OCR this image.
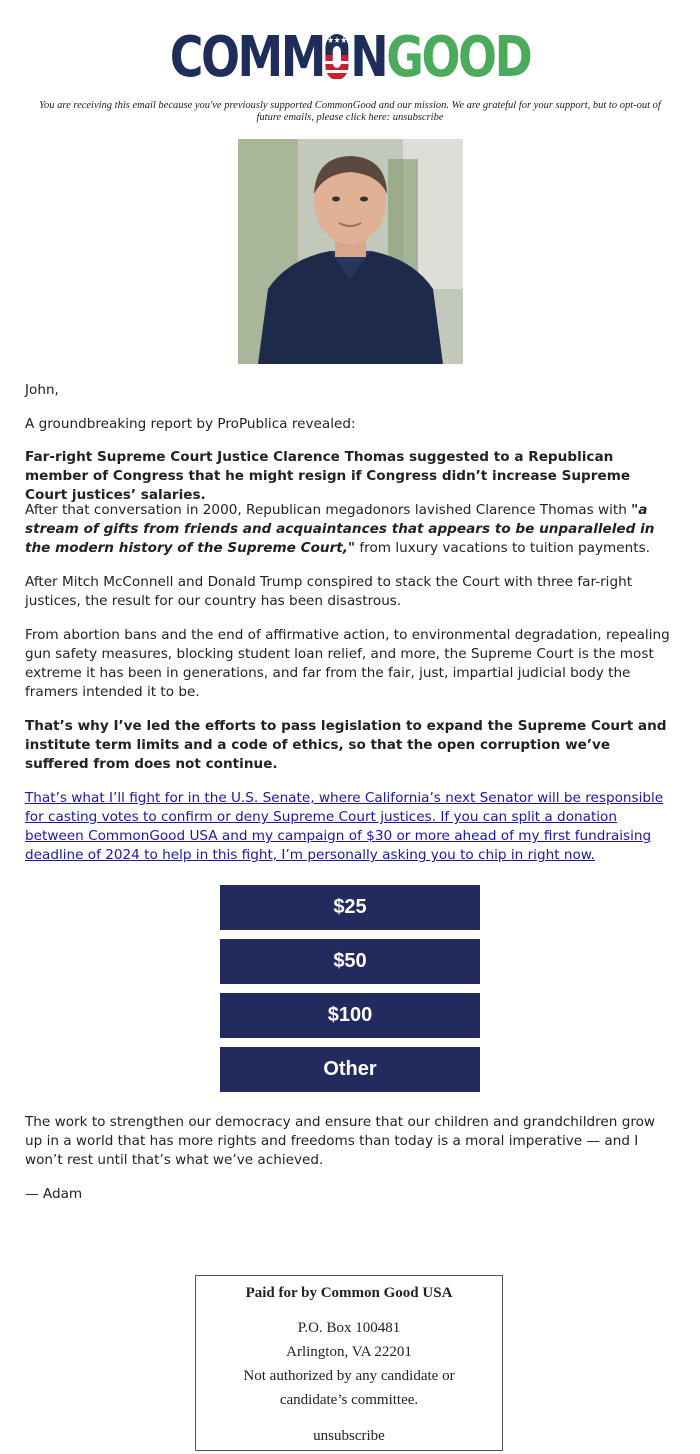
COMM ★★★ NGOOD
You are receiving this email because you've previously supported CommonGood and our mission. We are grateful for your support, but to opt-out of future emails, please click here: unsubscribe
John,
A groundbreaking report by ProPublica revealed:
Far-right Supreme Court Justice Clarence Thomas suggested to a Republican member of Congress that he might resign if Congress didn’t increase Supreme Court justices’ salaries.
After that conversation in 2000, Republican megadonors lavished Clarence Thomas with "a stream of gifts from friends and acquaintances that appears to be unparalleled in the modern history of the Supreme Court," from luxury vacations to tuition payments.
After Mitch McConnell and Donald Trump conspired to stack the Court with three far-right justices, the result for our country has been disastrous.
From abortion bans and the end of affirmative action, to environmental degradation, repealing gun safety measures, blocking student loan relief, and more, the Supreme Court is the most extreme it has been in generations, and far from the fair, just, impartial judicial body the framers intended it to be.
That’s why I’ve led the efforts to pass legislation to expand the Supreme Court and institute term limits and a code of ethics, so that the open corruption we’ve suffered from does not continue.
That’s what I’ll fight for in the U.S. Senate, where California’s next Senator will be responsible for casting votes to confirm or deny Supreme Court justices. If you can split a donation between CommonGood USA and my campaign of $30 or more ahead of my first fundraising deadline of 2024 to help in this fight, I’m personally asking you to chip in right now.
$25
$50
$100
Other
The work to strengthen our democracy and ensure that our children and grandchildren grow up in a world that has more rights and freedoms than today is a moral imperative — and I won’t rest until that’s what we’ve achieved.
— Adam
Paid for by Common Good USA
P.O. Box 100481
Arlington, VA 22201
Not authorized by any candidate or candidate’s committee.
unsubscribe
